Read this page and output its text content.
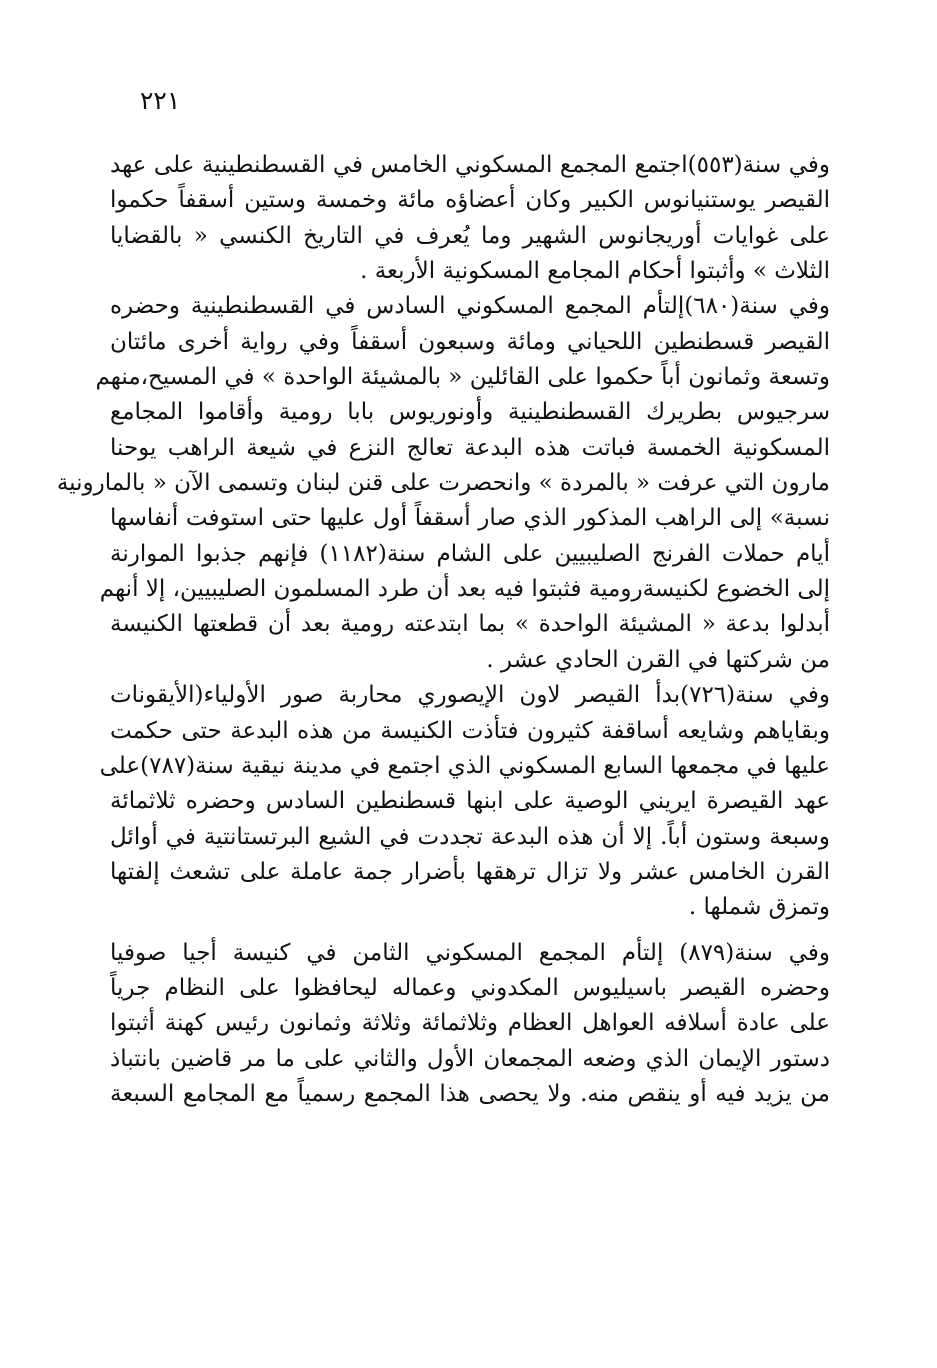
٢٢١
وفي سنة(٥٥٣)اجتمع المجمع المسكوني الخامس في القسطنطينية على عهد
القيصر يوستنيانوس الكبير وكان أعضاؤه مائة وخمسة وستين أسقفاً حكموا
على غوايات أوريجانوس الشهير وما يُعرف في التاريخ الكنسي « بالقضايا
الثلاث » وأثبتوا أحكام المجامع المسكونية الأربعة .
وفي سنة(٦٨٠)إلتأم المجمع المسكوني السادس في القسطنطينية وحضره
القيصر قسطنطين اللحياني ومائة وسبعون أسقفاً وفي رواية أخرى مائتان
وتسعة وثمانون أباً حكموا على القائلين « بالمشيئة الواحدة » في المسيح،منهم
سرجيوس بطريرك القسطنطينية وأونوريوس بابا رومية وأقاموا المجامع
المسكونية الخمسة فباتت هذه البدعة تعالج النزع في شيعة الراهب يوحنا
مارون التي عرفت « بالمردة » وانحصرت على قنن لبنان وتسمى الآن « بالمارونية
نسبة» إلى الراهب المذكور الذي صار أسقفاً أول عليها حتى استوفت أنفاسها
أيام حملات الفرنج الصليبيين على الشام سنة(١١٨٢) فإنهم جذبوا الموارنة
إلى الخضوع لكنيسةرومية فثبتوا فيه بعد أن طرد المسلمون الصليبيين، إلا أنهم
أبدلوا بدعة « المشيئة الواحدة » بما ابتدعته رومية بعد أن قطعتها الكنيسة
من شركتها في القرن الحادي عشر .
وفي سنة(٧٢٦)بدأ القيصر لاون الإيصوري محاربة صور الأولياء(الأيقونات
وبقاياهم وشايعه أساقفة كثيرون فتأذت الكنيسة من هذه البدعة حتى حكمت
عليها في مجمعها السابع المسكوني الذي اجتمع في مدينة نيقية سنة(٧٨٧)على
عهد القيصرة ايريني الوصية على ابنها قسطنطين السادس وحضره ثلاثمائة
وسبعة وستون أباً. إلا أن هذه البدعة تجددت في الشيع البرتستانتية في أوائل
القرن الخامس عشر ولا تزال ترهقها بأضرار جمة عاملة على تشعث إلفتها
وتمزق شملها .
وفي سنة(٨٧٩) إلتأم المجمع المسكوني الثامن في كنيسة أجيا صوفيا
وحضره القيصر باسيليوس المكدوني وعماله ليحافظوا على النظام جرياً
على عادة أسلافه العواهل العظام وثلاثمائة وثلاثة وثمانون رئيس كهنة أثبتوا
دستور الإيمان الذي وضعه المجمعان الأول والثاني على ما مر قاضين بانتباذ
من يزيد فيه أو ينقص منه. ولا يحصى هذا المجمع رسمياً مع المجامع السبعة
